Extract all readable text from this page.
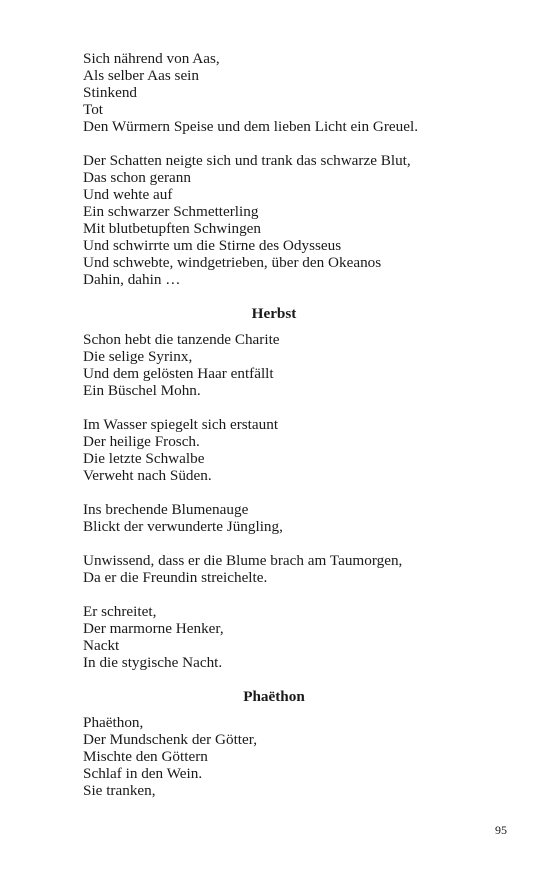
Sich nährend von Aas,
Als selber Aas sein
Stinkend
Tot
Den Würmern Speise und dem lieben Licht ein Greuel.
Der Schatten neigte sich und trank das schwarze Blut,
Das schon gerann
Und wehte auf
Ein schwarzer Schmetterling
Mit blutbetupften Schwingen
Und schwirrte um die Stirne des Odysseus
Und schwebte, windgetrieben, über den Okeanos
Dahin, dahin …
Herbst
Schon hebt die tanzende Charite
Die selige Syrinx,
Und dem gelösten Haar entfällt
Ein Büschel Mohn.
Im Wasser spiegelt sich erstaunt
Der heilige Frosch.
Die letzte Schwalbe
Verweht nach Süden.
Ins brechende Blumenauge
Blickt der verwunderte Jüngling,
Unwissend, dass er die Blume brach am Taumorgen,
Da er die Freundin streichelte.
Er schreitet,
Der marmorne Henker,
Nackt
In die stygische Nacht.
Phaëthon
Phaëthon,
Der Mundschenk der Götter,
Mischte den Göttern
Schlaf in den Wein.
Sie tranken,
95
